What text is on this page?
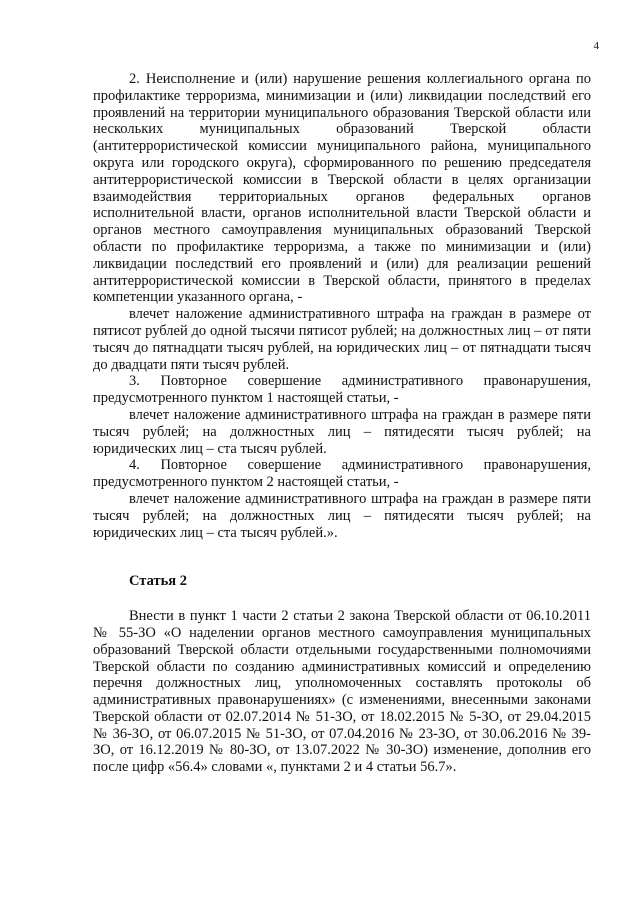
4

2. Неисполнение и (или) нарушение решения коллегиального органа по профилактике терроризма, минимизации и (или) ликвидации последствий его проявлений на территории муниципального образования Тверской области или нескольких муниципальных образований Тверской области (антитеррористической комиссии муниципального района, муниципального округа или городского округа), сформированного по решению председателя антитеррористической комиссии в Тверской области в целях организации взаимодействия территориальных органов федеральных органов исполнительной власти, органов исполнительной власти Тверской области и органов местного самоуправления муниципальных образований Тверской области по профилактике терроризма, а также по минимизации и (или) ликвидации последствий его проявлений и (или) для реализации решений антитеррористической комиссии в Тверской области, принятого в пределах компетенции указанного органа, -

влечет наложение административного штрафа на граждан в размере от пятисот рублей до одной тысячи пятисот рублей; на должностных лиц – от пяти тысяч до пятнадцати тысяч рублей, на юридических лиц – от пятнадцати тысяч до двадцати пяти тысяч рублей.

3. Повторное совершение административного правонарушения, предусмотренного пунктом 1 настоящей статьи, -

влечет наложение административного штрафа на граждан в размере пяти тысяч рублей; на должностных лиц – пятидесяти тысяч рублей; на юридических лиц – ста тысяч рублей.

4. Повторное совершение административного правонарушения, предусмотренного пунктом 2 настоящей статьи, -

влечет наложение административного штрафа на граждан в размере пяти тысяч рублей; на должностных лиц – пятидесяти тысяч рублей; на юридических лиц – ста тысяч рублей.».

Статья 2

Внести в пункт 1 части 2 статьи 2 закона Тверской области от 06.10.2011 № 55-ЗО «О наделении органов местного самоуправления муниципальных образований Тверской области отдельными государственными полномочиями Тверской области по созданию административных комиссий и определению перечня должностных лиц, уполномоченных составлять протоколы об административных правонарушениях» (с изменениями, внесенными законами Тверской области от 02.07.2014 № 51-ЗО, от 18.02.2015 № 5-ЗО, от 29.04.2015 № 36-ЗО, от 06.07.2015 № 51-ЗО, от 07.04.2016 № 23-ЗО, от 30.06.2016 № 39-ЗО, от 16.12.2019 № 80-ЗО, от 13.07.2022 № 30-ЗО) изменение, дополнив его после цифр «56.4» словами «, пунктами 2 и 4 статьи 56.7».
